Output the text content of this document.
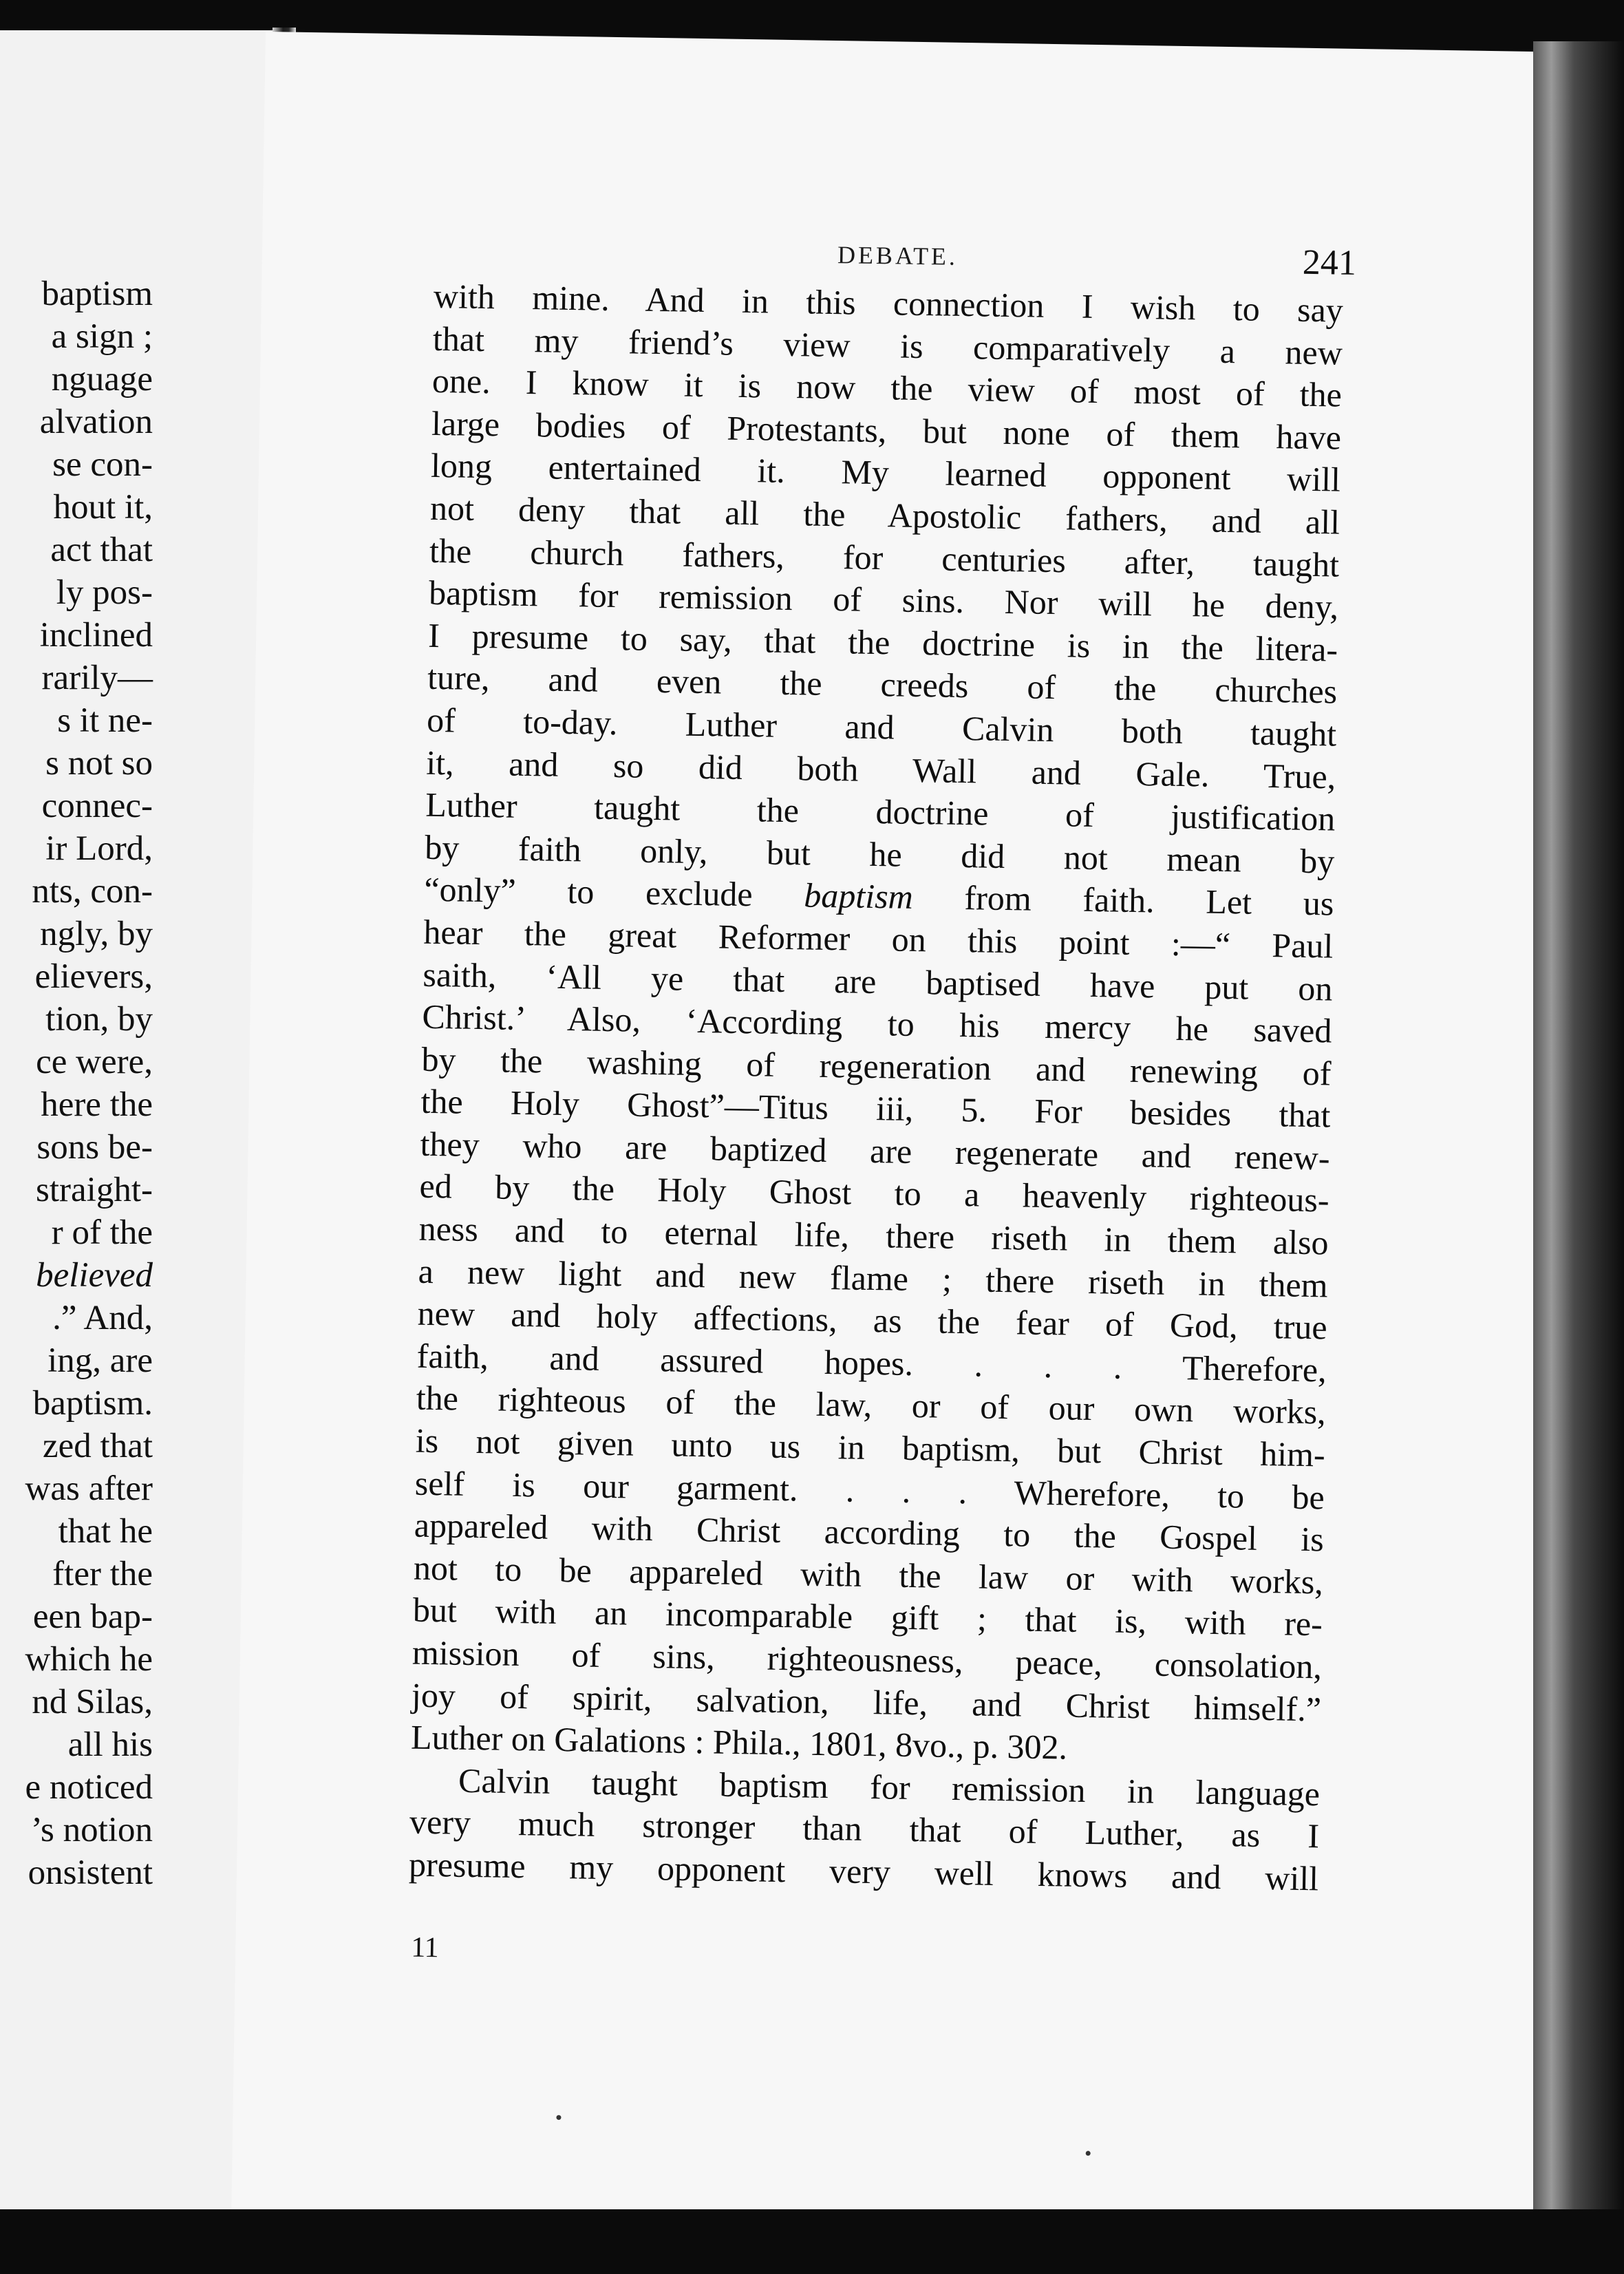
baptism
a sign ;
nguage
alvation
se con-
hout it,
act that
ly pos-
inclined
rarily—
s it ne-
s not so
connec-
ir Lord,
nts, con-
ngly, by
elievers,
tion, by
ce were,
here the
sons be-
straight-
r of the
believed
.” And,
ing, are
baptism.
zed that
was after
that he
fter the
een bap-
which he
nd Silas,
all his
e noticed
’s notion
onsistent
DEBATE.	241
with mine. And in this connection I wish to say
that my friend’s view is comparatively a new
one. I know it is now the view of most of the
large bodies of Protestants, but none of them have
long entertained it. My learned opponent will
not deny that all the Apostolic fathers, and all
the church fathers, for centuries after, taught
baptism for remission of sins. Nor will he deny,
I presume to say, that the doctrine is in the litera-
ture, and even the creeds of the churches
of to-day. Luther and Calvin both taught
it, and so did both Wall and Gale. True,
Luther taught the doctrine of justification
by faith only, but he did not mean by
“only” to exclude baptism from faith. Let us
hear the great Reformer on this point :—“ Paul
saith, ‘All ye that are baptised have put on
Christ.’ Also, ‘According to his mercy he saved
by the washing of regeneration and renewing of
the Holy Ghost”—Titus iii, 5. For besides that
they who are baptized are regenerate and renew-
ed by the Holy Ghost to a heavenly righteous-
ness and to eternal life, there riseth in them also
a new light and new flame ; there riseth in them
new and holy affections, as the fear of God, true
faith, and assured hopes. . . . Therefore,
the righteous of the law, or of our own works,
is not given unto us in baptism, but Christ him-
self is our garment. . . . Wherefore, to be
appareled with Christ according to the Gospel is
not to be appareled with the law or with works,
but with an incomparable gift ; that is, with re-
mission of sins, righteousness, peace, consolation,
joy of spirit, salvation, life, and Christ himself.”
Luther on Galations : Phila., 1801, 8vo., p. 302.
Calvin taught baptism for remission in language
very much stronger than that of Luther, as I
presume my opponent very well knows and will
11
